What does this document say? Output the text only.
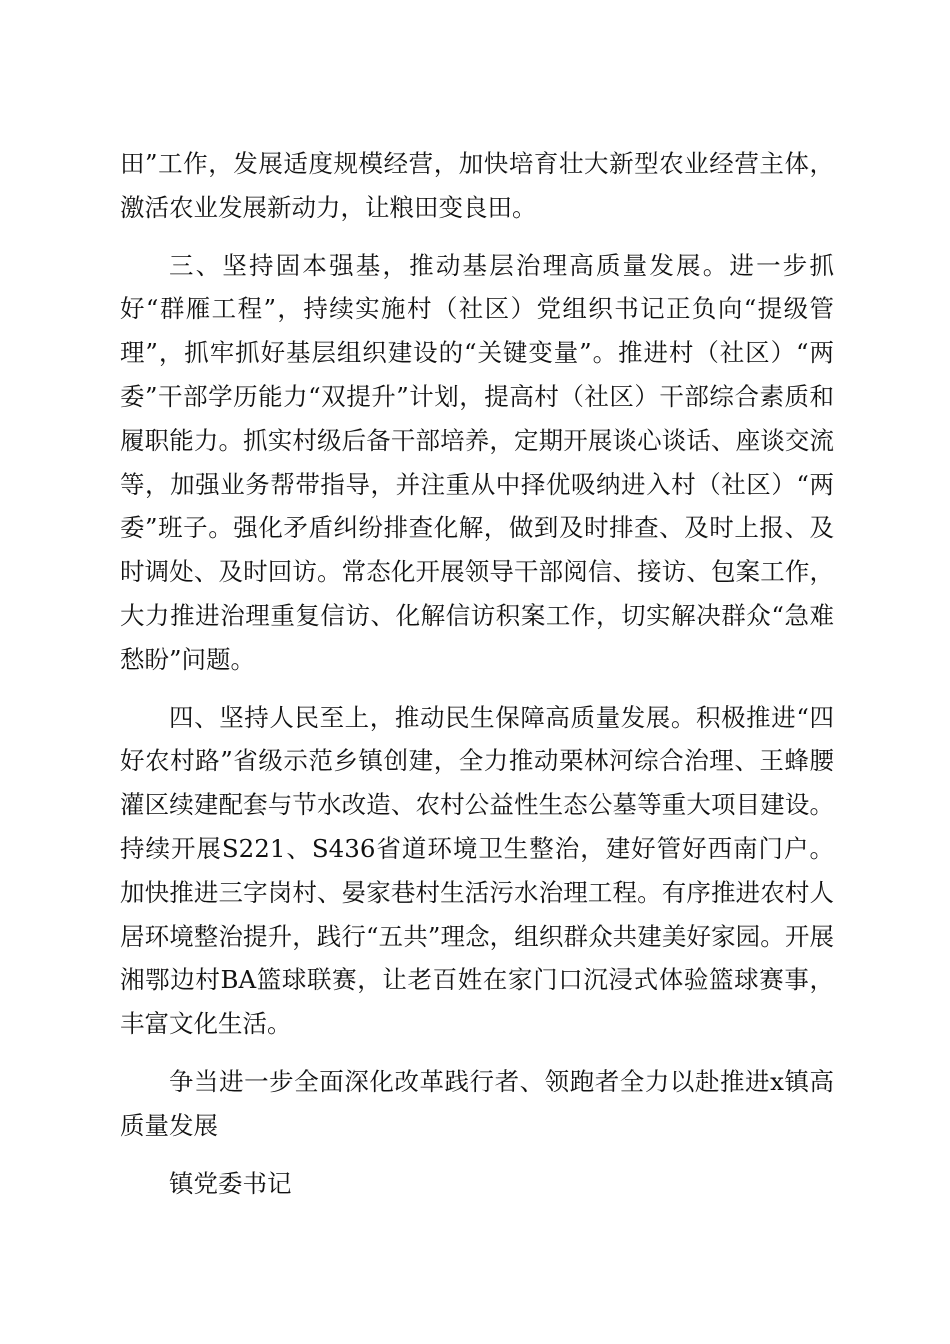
田”工作，发展适度规模经营，加快培育壮大新型农业经营主体，激活农业发展新动力，让粮田变良田。

三、坚持固本强基，推动基层治理高质量发展。进一步抓好“群雁工程”，持续实施村（社区）党组织书记正负向“提级管理”，抓牢抓好基层组织建设的“关键变量”。推进村（社区）“两委”干部学历能力“双提升”计划，提高村（社区）干部综合素质和履职能力。抓实村级后备干部培养，定期开展谈心谈话、座谈交流等，加强业务帮带指导，并注重从中择优吸纳进入村（社区）“两委”班子。强化矛盾纠纷排查化解，做到及时排查、及时上报、及时调处、及时回访。常态化开展领导干部阅信、接访、包案工作，大力推进治理重复信访、化解信访积案工作，切实解决群众“急难愁盼”问题。

四、坚持人民至上，推动民生保障高质量发展。积极推进“四好农村路”省级示范乡镇创建，全力推动栗林河综合治理、王蜂腰灌区续建配套与节水改造、农村公益性生态公墓等重大项目建设。持续开展S221、S436省道环境卫生整治，建好管好西南门户。加快推进三字岗村、晏家巷村生活污水治理工程。有序推进农村人居环境整治提升，践行“五共”理念，组织群众共建美好家园。开展湘鄂边村BA篮球联赛，让老百姓在家门口沉浸式体验篮球赛事，丰富文化生活。

争当进一步全面深化改革践行者、领跑者全力以赴推进x镇高质量发展

镇党委书记
